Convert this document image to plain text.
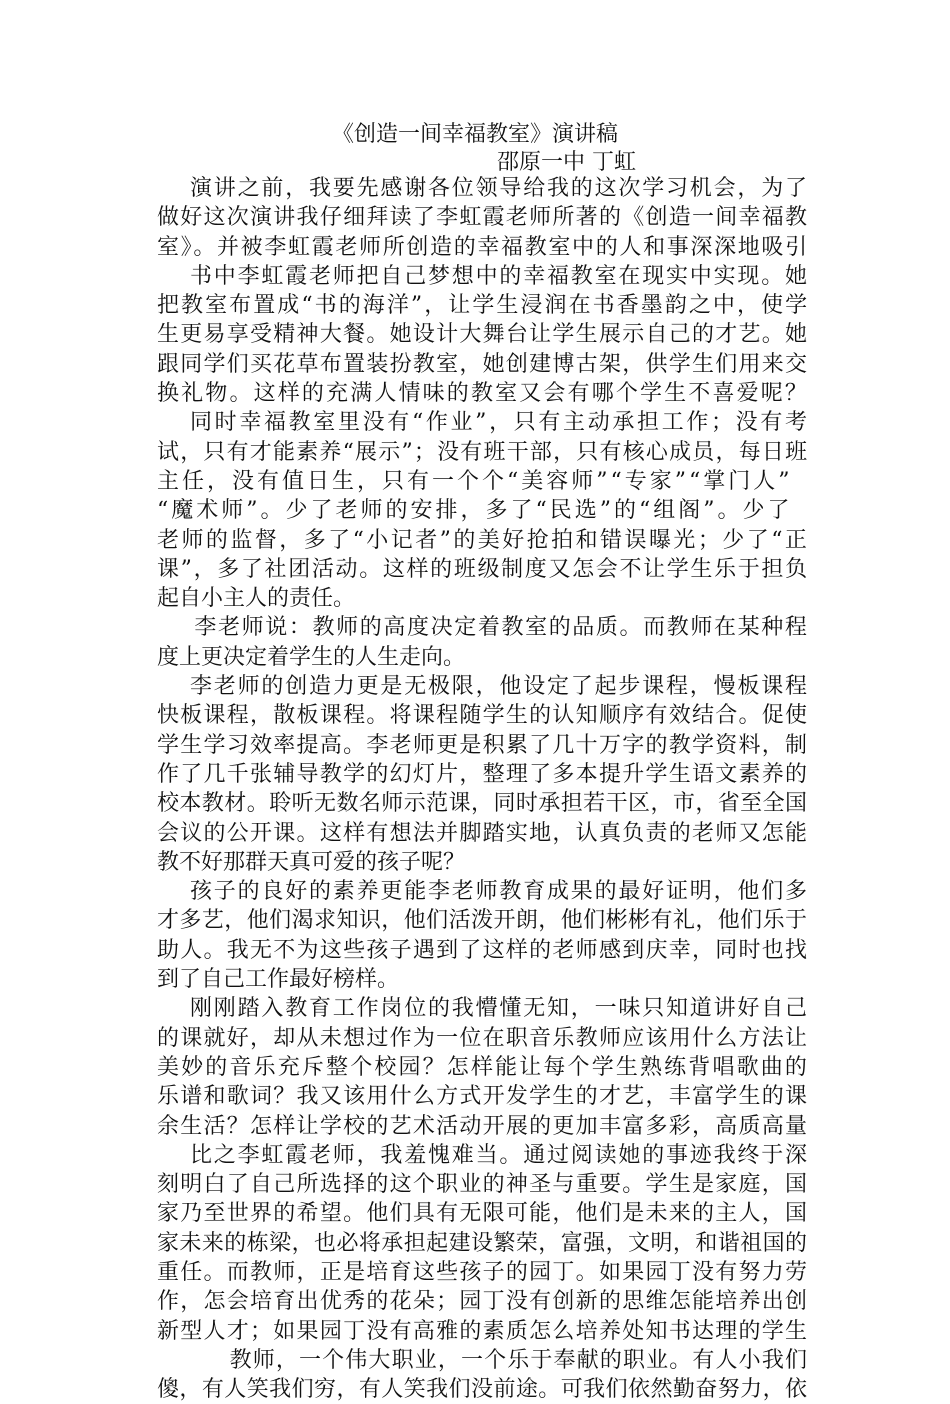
《创造一间幸福教室》演讲稿
邵原一中 丁虹
演讲之前，我要先感谢各位领导给我的这次学习机会，为了
做好这次演讲我仔细拜读了李虹霞老师所著的《创造一间幸福教
室》。并被李虹霞老师所创造的幸福教室中的人和事深深地吸引
书中李虹霞老师把自己梦想中的幸福教室在现实中实现。她
把教室布置成“书的海洋”，让学生浸润在书香墨韵之中，使学
生更易享受精神大餐。她设计大舞台让学生展示自己的才艺。她
跟同学们买花草布置装扮教室，她创建博古架，供学生们用来交
换礼物。这样的充满人情味的教室又会有哪个学生不喜爱呢？
同时幸福教室里没有“作业”，只有主动承担工作；没有考
试，只有才能素养“展示”；没有班干部，只有核心成员，每日班
主任，没有值日生，只有一个个“美容师”“专家”“掌门人”
“魔术师”。少了老师的安排，多了“民选”的“组阁”。少了
老师的监督，多了“小记者”的美好抢拍和错误曝光；少了“正
课”，多了社团活动。这样的班级制度又怎会不让学生乐于担负
起自小主人的责任。
李老师说：教师的高度决定着教室的品质。而教师在某种程
度上更决定着学生的人生走向。
李老师的创造力更是无极限，他设定了起步课程，慢板课程
快板课程，散板课程。将课程随学生的认知顺序有效结合。促使
学生学习效率提高。李老师更是积累了几十万字的教学资料，制
作了几千张辅导教学的幻灯片，整理了多本提升学生语文素养的
校本教材。聆听无数名师示范课，同时承担若干区，市，省至全国
会议的公开课。这样有想法并脚踏实地，认真负责的老师又怎能
教不好那群天真可爱的孩子呢？
孩子的良好的素养更能李老师教育成果的最好证明，他们多
才多艺，他们渴求知识，他们活泼开朗，他们彬彬有礼，他们乐于
助人。我无不为这些孩子遇到了这样的老师感到庆幸，同时也找
到了自己工作最好榜样。
刚刚踏入教育工作岗位的我懵懂无知，一味只知道讲好自己
的课就好，却从未想过作为一位在职音乐教师应该用什么方法让
美妙的音乐充斥整个校园？怎样能让每个学生熟练背唱歌曲的
乐谱和歌词？我又该用什么方式开发学生的才艺，丰富学生的课
余生活？怎样让学校的艺术活动开展的更加丰富多彩，高质高量
比之李虹霞老师，我羞愧难当。通过阅读她的事迹我终于深
刻明白了自己所选择的这个职业的神圣与重要。学生是家庭，国
家乃至世界的希望。他们具有无限可能，他们是未来的主人，国
家未来的栋梁，也必将承担起建设繁荣，富强，文明，和谐祖国的
重任。而教师，正是培育这些孩子的园丁。如果园丁没有努力劳
作，怎会培育出优秀的花朵；园丁没有创新的思维怎能培养出创
新型人才；如果园丁没有高雅的素质怎么培养处知书达理的学生
教师，一个伟大职业，一个乐于奉献的职业。有人小我们
傻，有人笑我们穷，有人笑我们没前途。可我们依然勤奋努力，依
